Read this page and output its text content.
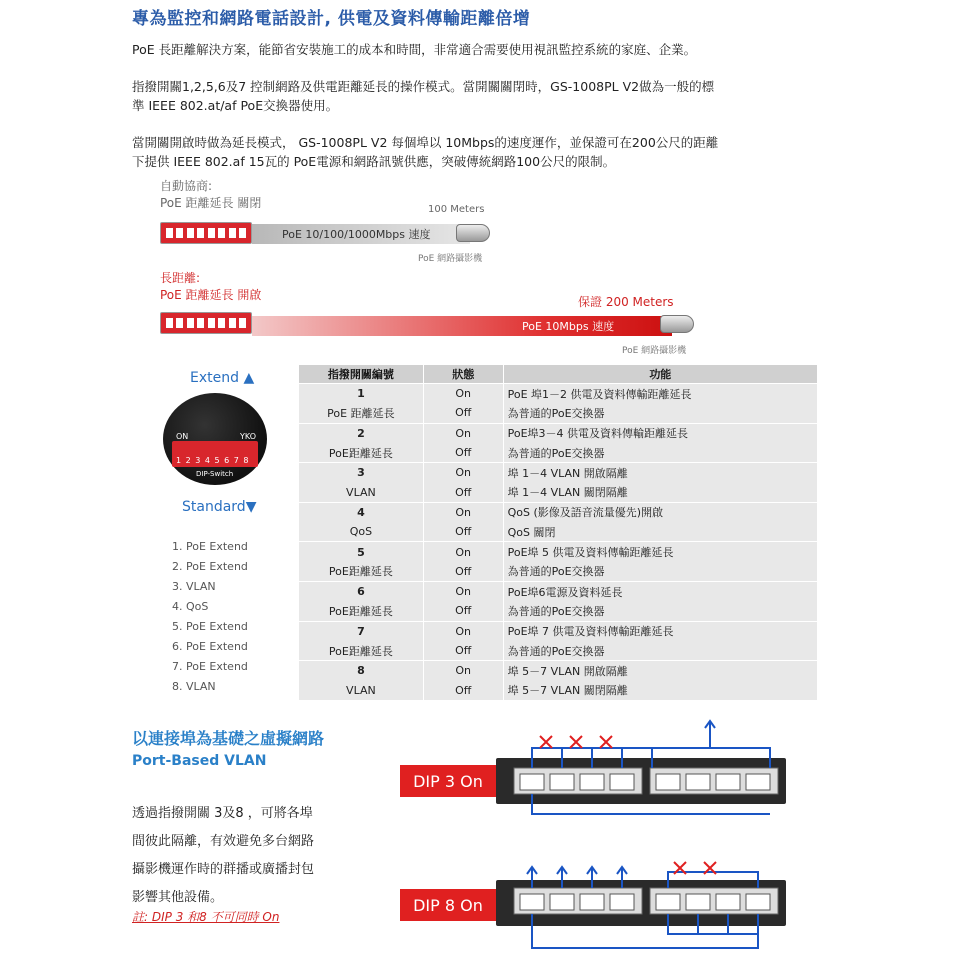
專為監控和網路電話設計, 供電及資料傳輸距離倍增
PoE 長距離解決方案，能節省安裝施工的成本和時間，非常適合需要使用視訊監控系統的家庭、企業。
指撥開關1,2,5,6及7 控制網路及供電距離延長的操作模式。當開關關閉時，GS-1008PL V2做為一般的標
準 IEEE 802.at/af PoE交換器使用。
當開關開啟時做為延長模式， GS-1008PL V2 每個埠以 10Mbps的速度運作，並保證可在200公尺的距離
下提供 IEEE 802.af 15瓦的 PoE電源和網路訊號供應，突破傳統網路100公尺的限制。
自動協商:
PoE 距離延長 關閉	100 Meters
PoE 10/100/1000Mbps 速度
PoE 網路攝影機
長距離:
PoE 距離延長 開啟	保證 200 Meters
PoE 10Mbps 速度
PoE 網路攝影機
Extend ▲
ON	YKO
1 2 3 4 5 6 7 8
DIP-Switch
Standard▼
1. PoE Extend
2. PoE Extend
3. VLAN
4. QoS
5. PoE Extend
6. PoE Extend
7. PoE Extend
8. VLAN
指撥開關編號	狀態	功能
1	On	PoE 埠1－2 供電及資料傳輸距離延長
PoE 距離延長	Off	為普通的PoE交換器
2	On	PoE埠3－4 供電及資料傳輸距離延長
PoE距離延長	Off	為普通的PoE交換器
3	On	埠 1－4 VLAN 開啟隔離
VLAN	Off	埠 1－4 VLAN 關閉隔離
4	On	QoS (影像及語音流量優先)開啟
QoS	Off	QoS 關閉
5	On	PoE埠 5 供電及資料傳輸距離延長
PoE距離延長	Off	為普通的PoE交換器
6	On	PoE埠6電源及資料延長
PoE距離延長	Off	為普通的PoE交換器
7	On	PoE埠 7 供電及資料傳輸距離延長
PoE距離延長	Off	為普通的PoE交換器
8	On	埠 5－7 VLAN 開啟隔離
VLAN	Off	埠 5－7 VLAN 關閉隔離
以連接埠為基礎之虛擬網路
Port-Based VLAN
透過指撥開關 3及8 ，可將各埠
間彼此隔離，有效避免多台網路
攝影機運作時的群播或廣播封包
影響其他設備。
註: DIP 3 和8 不可同時 On
DIP 3 On
DIP 8 On
